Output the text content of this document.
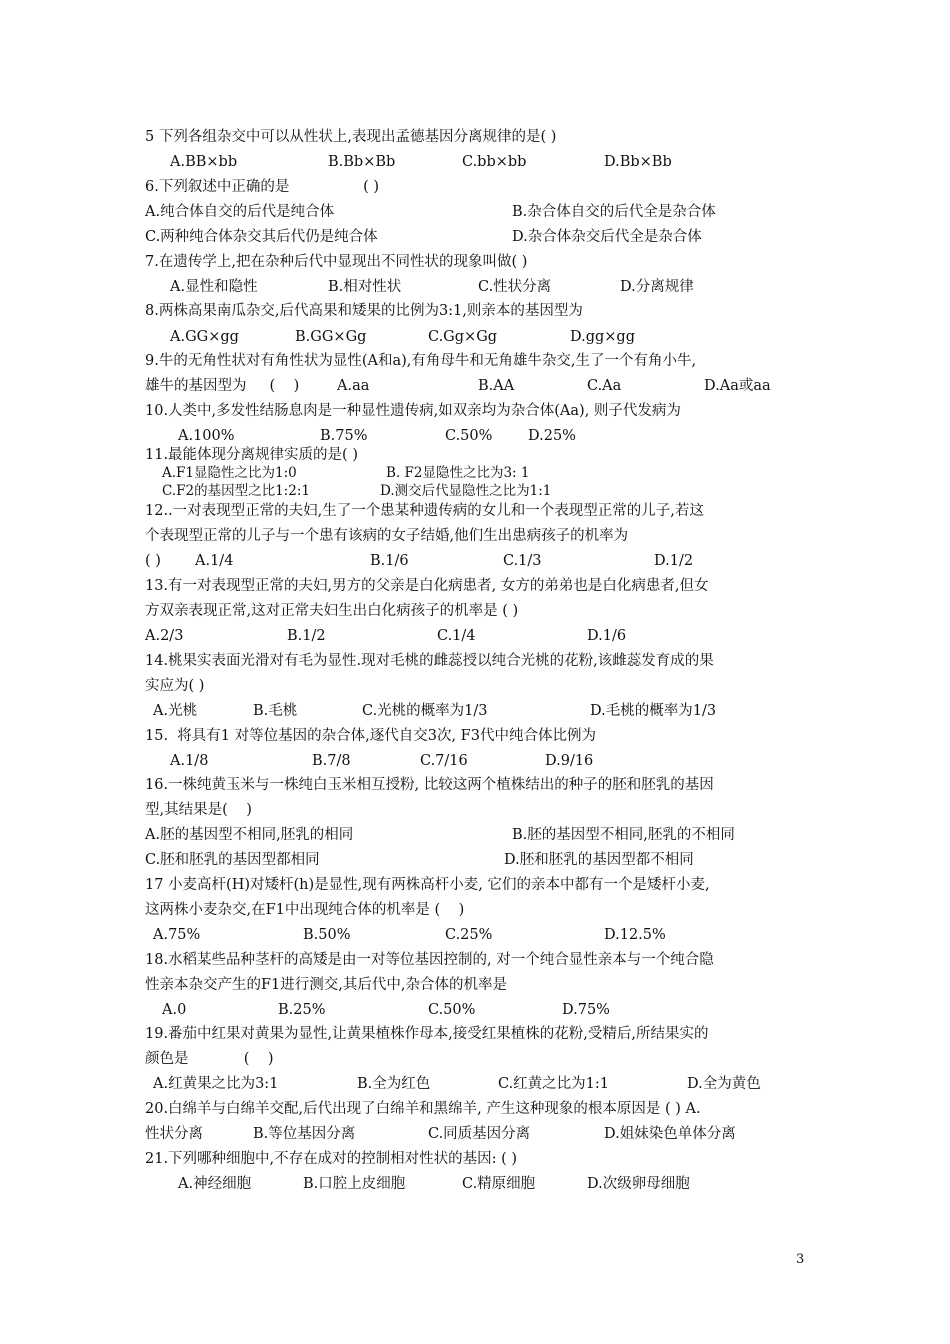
5 下列各组杂交中可以从性状上,表现出孟德基因分离规律的是( )
A.BB×bb	B.Bb×Bb	C.bb×bb	D.Bb×Bb
6.下列叙述中正确的是                ( )
A.纯合体自交的后代是纯合体	B.杂合体自交的后代全是杂合体
C.两种纯合体杂交其后代仍是纯合体	D.杂合体杂交后代全是杂合体
7.在遗传学上,把在杂种后代中显现出不同性状的现象叫做( )
A.显性和隐性	B.相对性状	C.性状分离	D.分离规律
8.两株高果南瓜杂交,后代高果和矮果的比例为3:1,则亲本的基因型为
A.GG×gg	B.GG×Gg	C.Gg×Gg	D.gg×gg
9.牛的无角性状对有角性状为显性(A和a),有角母牛和无角雄牛杂交,生了一个有角小牛,
雄牛的基因型为     (    )	A.aa	B.AA	C.Aa	D.Aa或aa
10.人类中,多发性结肠息肉是一种显性遗传病,如双亲均为杂合体(Aa), 则子代发病为
A.100%	B.75%	C.50% D.25%
11.最能体现分离规律实质的是( )
A.F1显隐性之比为1:0	B. F2显隐性之比为3: 1
C.F2的基因型之比1:2:1	D.测交后代显隐性之比为1:1
12..一对表现型正常的夫妇,生了一个患某种遗传病的女儿和一个表现型正常的儿子,若这
个表现型正常的儿子与一个患有该病的女子结婚,他们生出患病孩子的机率为
( ) A.1/4	B.1/6	C.1/3	D.1/2
13.有一对表现型正常的夫妇,男方的父亲是白化病患者, 女方的弟弟也是白化病患者,但女
方双亲表现正常,这对正常夫妇生出白化病孩子的机率是 ( )
A.2/3	B.1/2	C.1/4	D.1/6
14.桃果实表面光滑对有毛为显性.现对毛桃的雌蕊授以纯合光桃的花粉,该雌蕊发育成的果
实应为( )
A.光桃	B.毛桃	C.光桃的概率为1/3	D.毛桃的概率为1/3
15.  将具有1 对等位基因的杂合体,逐代自交3次, F3代中纯合体比例为
A.1/8	B.7/8	C.7/16	D.9/16
16.一株纯黄玉米与一株纯白玉米相互授粉, 比较这两个植株结出的种子的胚和胚乳的基因
型,其结果是(    )
A.胚的基因型不相同,胚乳的相同	B.胚的基因型不相同,胚乳的不相同
C.胚和胚乳的基因型都相同	D.胚和胚乳的基因型都不相同
17 小麦高杆(H)对矮杆(h)是显性,现有两株高杆小麦, 它们的亲本中都有一个是矮杆小麦,
这两株小麦杂交,在F1中出现纯合体的机率是 (    )
A.75%	B.50%	C.25%	D.12.5%
18.水稻某些品种茎杆的高矮是由一对等位基因控制的, 对一个纯合显性亲本与一个纯合隐
性亲本杂交产生的F1进行测交,其后代中,杂合体的机率是
A.0	B.25%	C.50%	D.75%
19.番茄中红果对黄果为显性,让黄果植株作母本,接受红果植株的花粉,受精后,所结果实的
颜色是            (    )
A.红黄果之比为3:1	B.全为红色	C.红黄之比为1:1	D.全为黄色
20.白绵羊与白绵羊交配,后代出现了白绵羊和黑绵羊, 产生这种现象的根本原因是 ( ) A.
性状分离	B.等位基因分离	C.同质基因分离	D.姐妹染色单体分离
21.下列哪种细胞中,不存在成对的控制相对性状的基因: ( )
A.神经细胞	B.口腔上皮细胞	C.精原细胞	D.次级卵母细胞
3
